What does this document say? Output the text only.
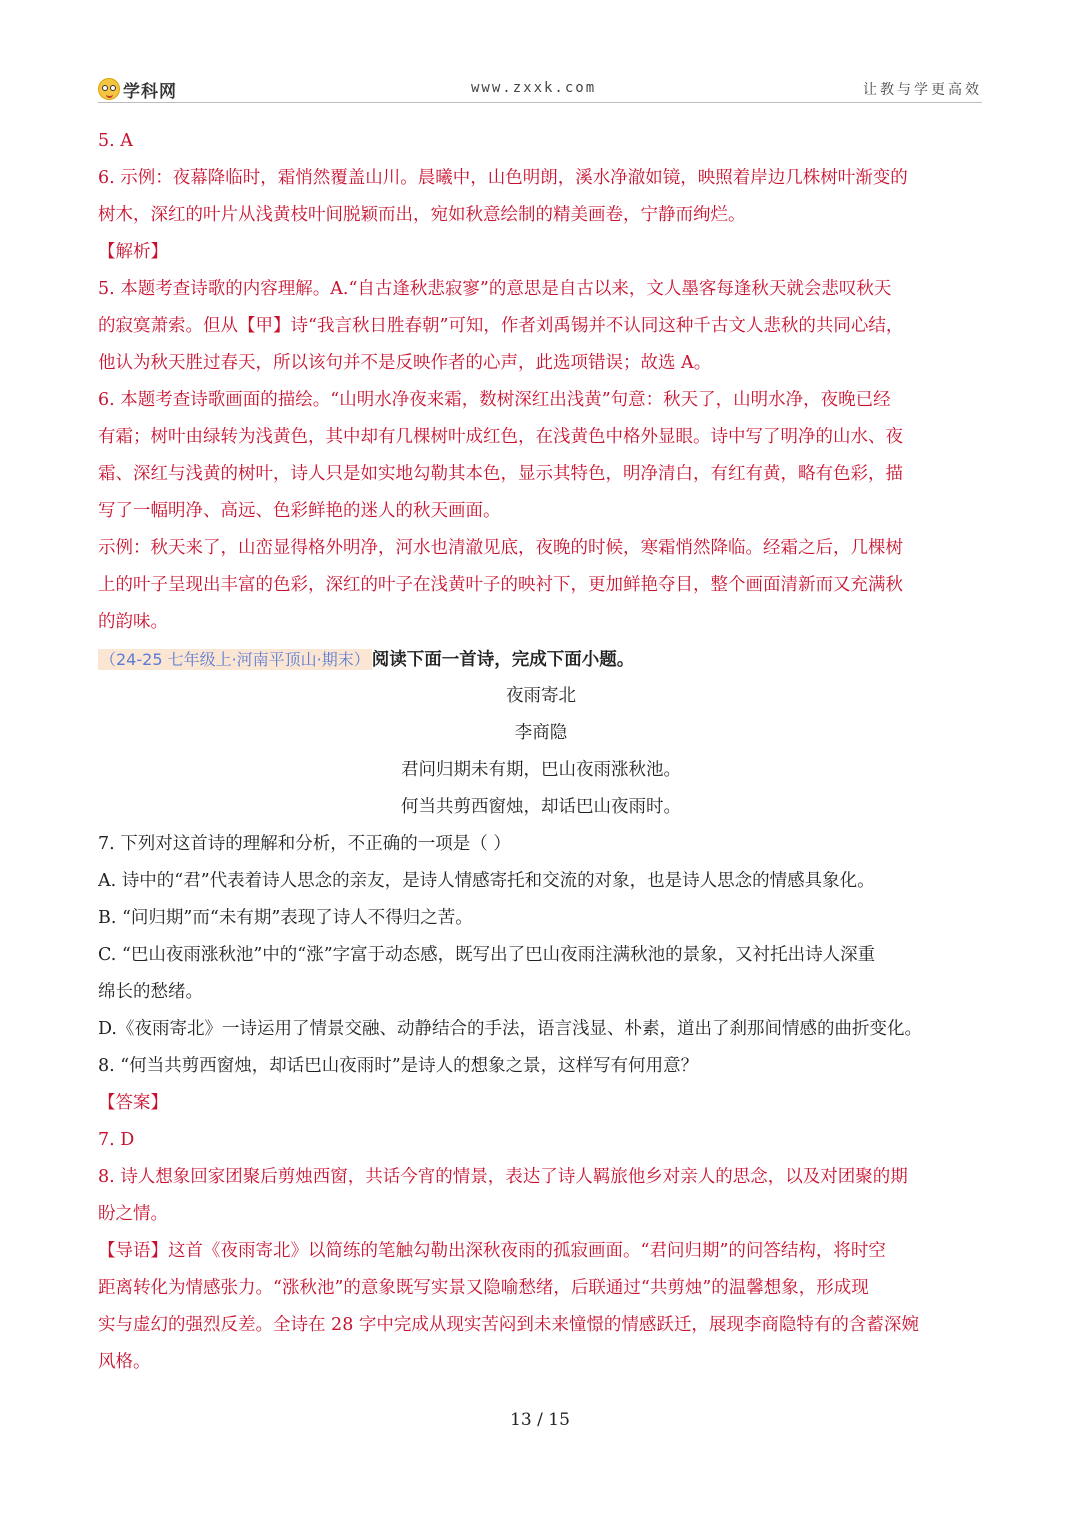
学科网	www.zxxk.com	让教与学更高效
5. A
6. 示例：夜幕降临时，霜悄然覆盖山川。晨曦中，山色明朗，溪水净澈如镜，映照着岸边几株树叶渐变的
树木，深红的叶片从浅黄枝叶间脱颖而出，宛如秋意绘制的精美画卷，宁静而绚烂。
【解析】
5. 本题考查诗歌的内容理解。A.“自古逢秋悲寂寥”的意思是自古以来，文人墨客每逢秋天就会悲叹秋天
的寂寞萧索。但从【甲】诗“我言秋日胜春朝”可知，作者刘禹锡并不认同这种千古文人悲秋的共同心结，
他认为秋天胜过春天，所以该句并不是反映作者的心声，此选项错误；故选 A。
6. 本题考查诗歌画面的描绘。“山明水净夜来霜，数树深红出浅黄”句意：秋天了，山明水净，夜晚已经
有霜；树叶由绿转为浅黄色，其中却有几棵树叶成红色，在浅黄色中格外显眼。诗中写了明净的山水、夜
霜、深红与浅黄的树叶，诗人只是如实地勾勒其本色，显示其特色，明净清白，有红有黄，略有色彩，描
写了一幅明净、高远、色彩鲜艳的迷人的秋天画面。
示例：秋天来了，山峦显得格外明净，河水也清澈见底，夜晚的时候，寒霜悄然降临。经霜之后，几棵树
上的叶子呈现出丰富的色彩，深红的叶子在浅黄叶子的映衬下，更加鲜艳夺目，整个画面清新而又充满秋
的韵味。
（24-25 七年级上·河南平顶山·期末） 阅读下面一首诗，完成下面小题。
夜雨寄北
李商隐
君问归期未有期，巴山夜雨涨秋池。
何当共剪西窗烛，却话巴山夜雨时。
7. 下列对这首诗的理解和分析，不正确 · · ·的一项是（ ）
A. 诗中的“君”代表着诗人思念的亲友，是诗人情感寄托和交流的对象，也是诗人思念的情感具象化。
B. “问归期”而“未有期”表现了诗人不得归之苦。
C. “巴山夜雨涨秋池”中的“涨”字富于动态感，既写出了巴山夜雨注满秋池的景象，又衬托出诗人深重
绵长的愁绪。
D.《夜雨寄北》一诗运用了情景交融、动静结合的手法，语言浅显、朴素，道出了刹那间情感的曲折变化。
8. “何当共剪西窗烛，却话巴山夜雨时”是诗人的想象之景，这样写有何用意？
【答案】
7. D
8. 诗人想象回家团聚后剪烛西窗，共话今宵的情景，表达了诗人羁旅他乡对亲人的思念，以及对团聚的期
盼之情。
【导语】这首《夜雨寄北》以简练的笔触勾勒出深秋夜雨的孤寂画面。“君问归期”的问答结构，将时空
距离转化为情感张力。“涨秋池”的意象既写实景又隐喻愁绪，后联通过“共剪烛”的温馨想象，形成现
实与虚幻的强烈反差。全诗在 28 字中完成从现实苦闷到未来憧憬的情感跃迁，展现李商隐特有的含蓄深婉
风格。
13 / 15
